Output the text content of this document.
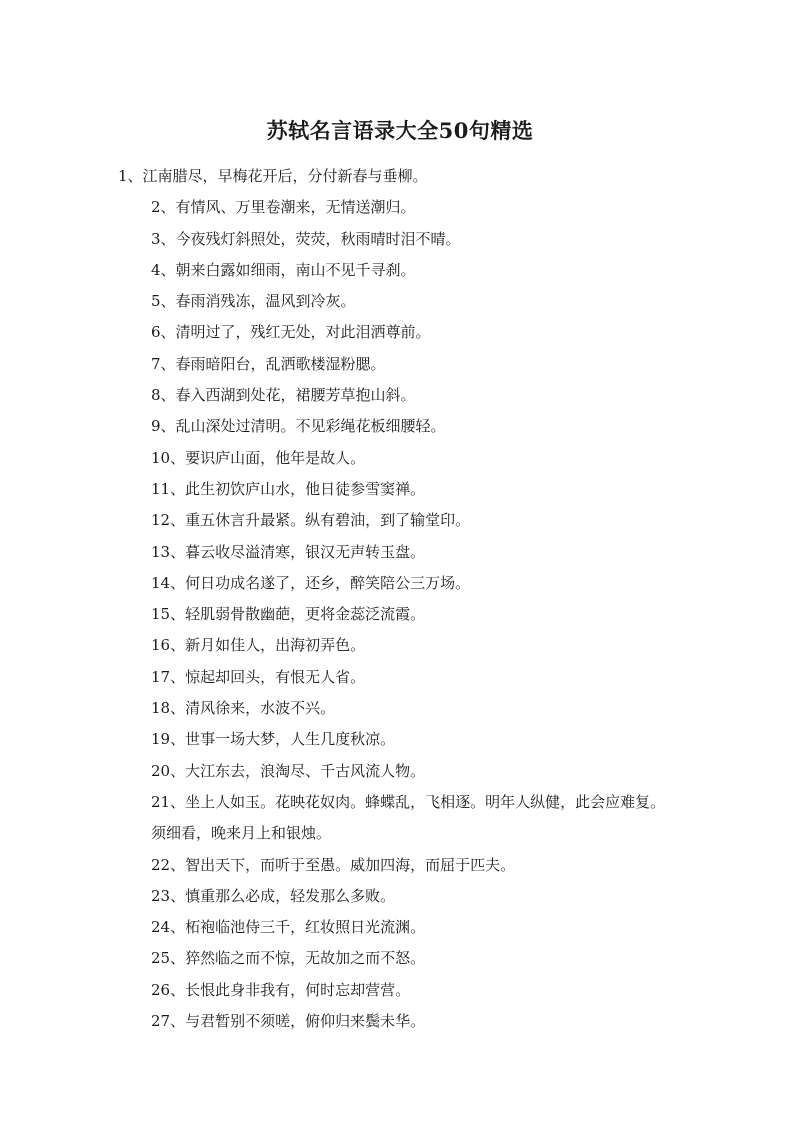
苏轼名言语录大全50句精选

1、江南腊尽，早梅花开后，分付新春与垂柳。

2、有情风、万里卷潮来，无情送潮归。

3、今夜残灯斜照处，荧荧，秋雨晴时泪不晴。

4、朝来白露如细雨，南山不见千寻刹。

5、春雨消残冻，温风到冷灰。

6、清明过了，残红无处，对此泪洒尊前。

7、春雨暗阳台，乱洒歌楼湿粉腮。

8、春入西湖到处花，裙腰芳草抱山斜。

9、乱山深处过清明。不见彩绳花板细腰轻。

10、要识庐山面，他年是故人。

11、此生初饮庐山水，他日徒参雪窦禅。

12、重五休言升最紧。纵有碧油，到了输堂印。

13、暮云收尽溢清寒，银汉无声转玉盘。

14、何日功成名遂了，还乡，醉笑陪公三万场。

15、轻肌弱骨散幽葩，更将金蕊泛流霞。

16、新月如佳人，出海初弄色。

17、惊起却回头，有恨无人省。

18、清风徐来，水波不兴。

19、世事一场大梦，人生几度秋凉。

20、大江东去，浪淘尽、千古风流人物。

21、坐上人如玉。花映花奴肉。蜂蝶乱，飞相逐。明年人纵健，此会应难复。须细看，晚来月上和银烛。

22、智出天下，而听于至愚。威加四海，而屈于匹夫。

23、慎重那么必成，轻发那么多败。

24、柘袍临池侍三千，红妆照日光流渊。

25、猝然临之而不惊，无故加之而不怒。

26、长恨此身非我有，何时忘却营营。

27、与君暂别不须嗟，俯仰归来鬓未华。
